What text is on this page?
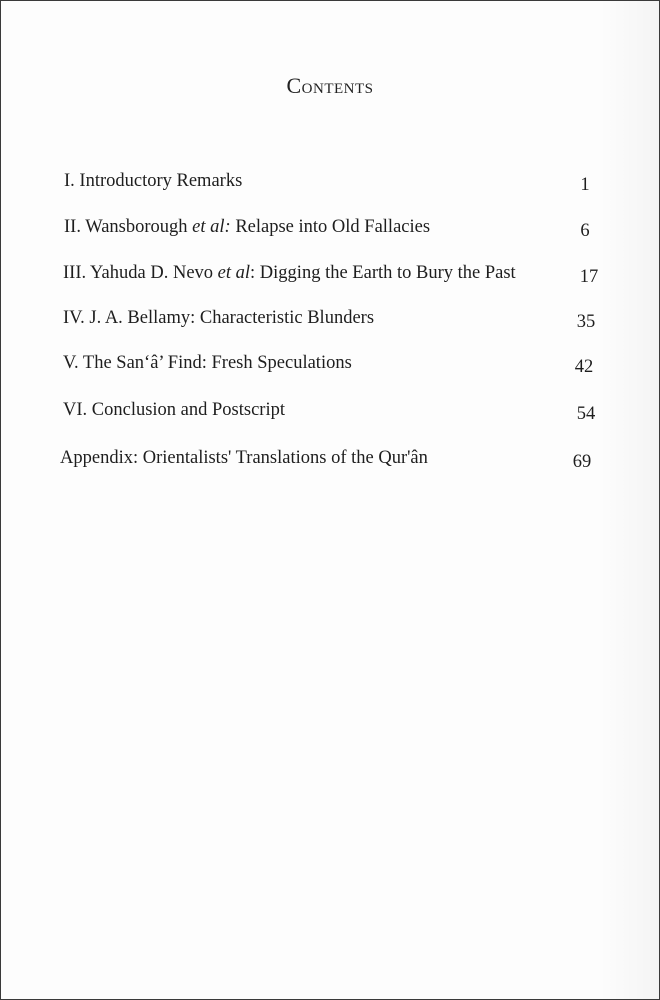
Contents
I. Introductory Remarks	1
II. Wansborough et al: Relapse into Old Fallacies	6
III. Yahuda D. Nevo et al: Digging the Earth to Bury the Past	17
IV. J. A. Bellamy: Characteristic Blunders	35
V. The San‘â’ Find: Fresh Speculations	42
VI. Conclusion and Postscript	54
Appendix: Orientalists' Translations of the Qur'ân	69
